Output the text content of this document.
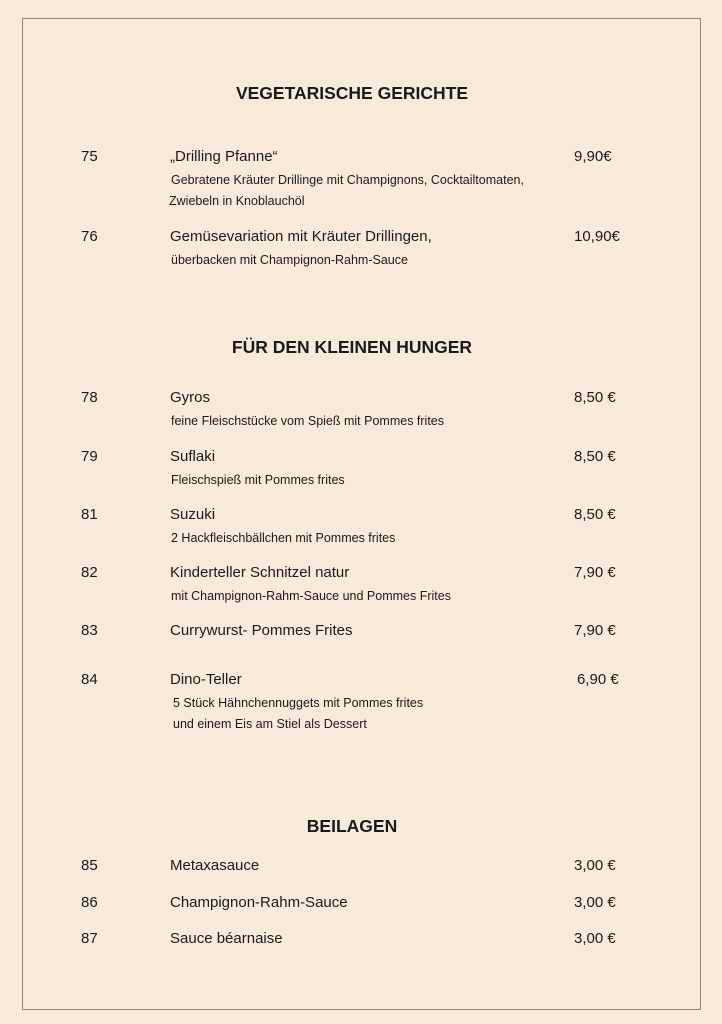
VEGETARISCHE GERICHTE
75	„Drilling Pfanne“	9,90€
Gebratene Kräuter Drillinge mit Champignons, Cocktailtomaten,
Zwiebeln in Knoblauchöl
76	Gemüsevariation mit Kräuter Drillingen,	10,90€
überbacken mit Champignon-Rahm-Sauce
FÜR DEN KLEINEN HUNGER
78	Gyros	8,50 €
feine Fleischstücke vom Spieß mit Pommes frites
79	Suflaki	8,50 €
Fleischspieß mit Pommes frites
81	Suzuki	8,50 €
2 Hackfleischbällchen mit Pommes frites
82	Kinderteller Schnitzel natur	7,90 €
mit Champignon-Rahm-Sauce und Pommes Frites
83	Currywurst- Pommes Frites	7,90 €
84	Dino-Teller	6,90 €
5 Stück Hähnchennuggets mit Pommes frites
und einem Eis am Stiel als Dessert
BEILAGEN
85	Metaxasauce	3,00 €
86	Champignon-Rahm-Sauce	3,00 €
87	Sauce béarnaise	3,00 €
